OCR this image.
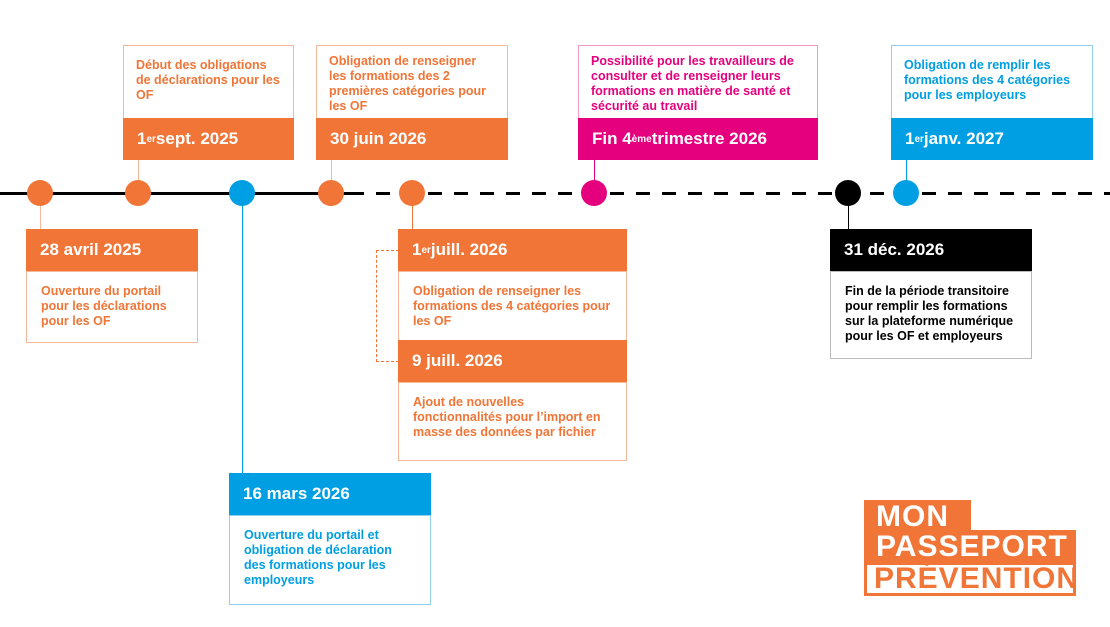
28 avril 2025
Ouverture du portail pour les déclarations pour les OF
Début des obligations de déclarations pour les OF
1 er sept. 2025
16 mars 2026
Ouverture du portail et obligation de déclaration des formations pour les employeurs
Obligation de renseigner les formations des 2 premières catégories pour les OF
30 juin 2026
1 er juill. 2026
Obligation de renseigner les formations des 4 catégories pour les OF
9 juill. 2026
Ajout de nouvelles fonctionnalités pour l’import en masse des données par fichier
Possibilité pour les travailleurs de consulter et de renseigner leurs formations en matière de santé et sécurité au travail
Fin 4 ème trimestre 2026
31 déc. 2026
Fin de la période transitoire pour remplir les formations sur la plateforme numérique pour les OF et employeurs
Obligation de remplir les formations des 4 catégories pour les employeurs
1 er janv. 2027
MON
PASSEPORT
PRÉVENTION
